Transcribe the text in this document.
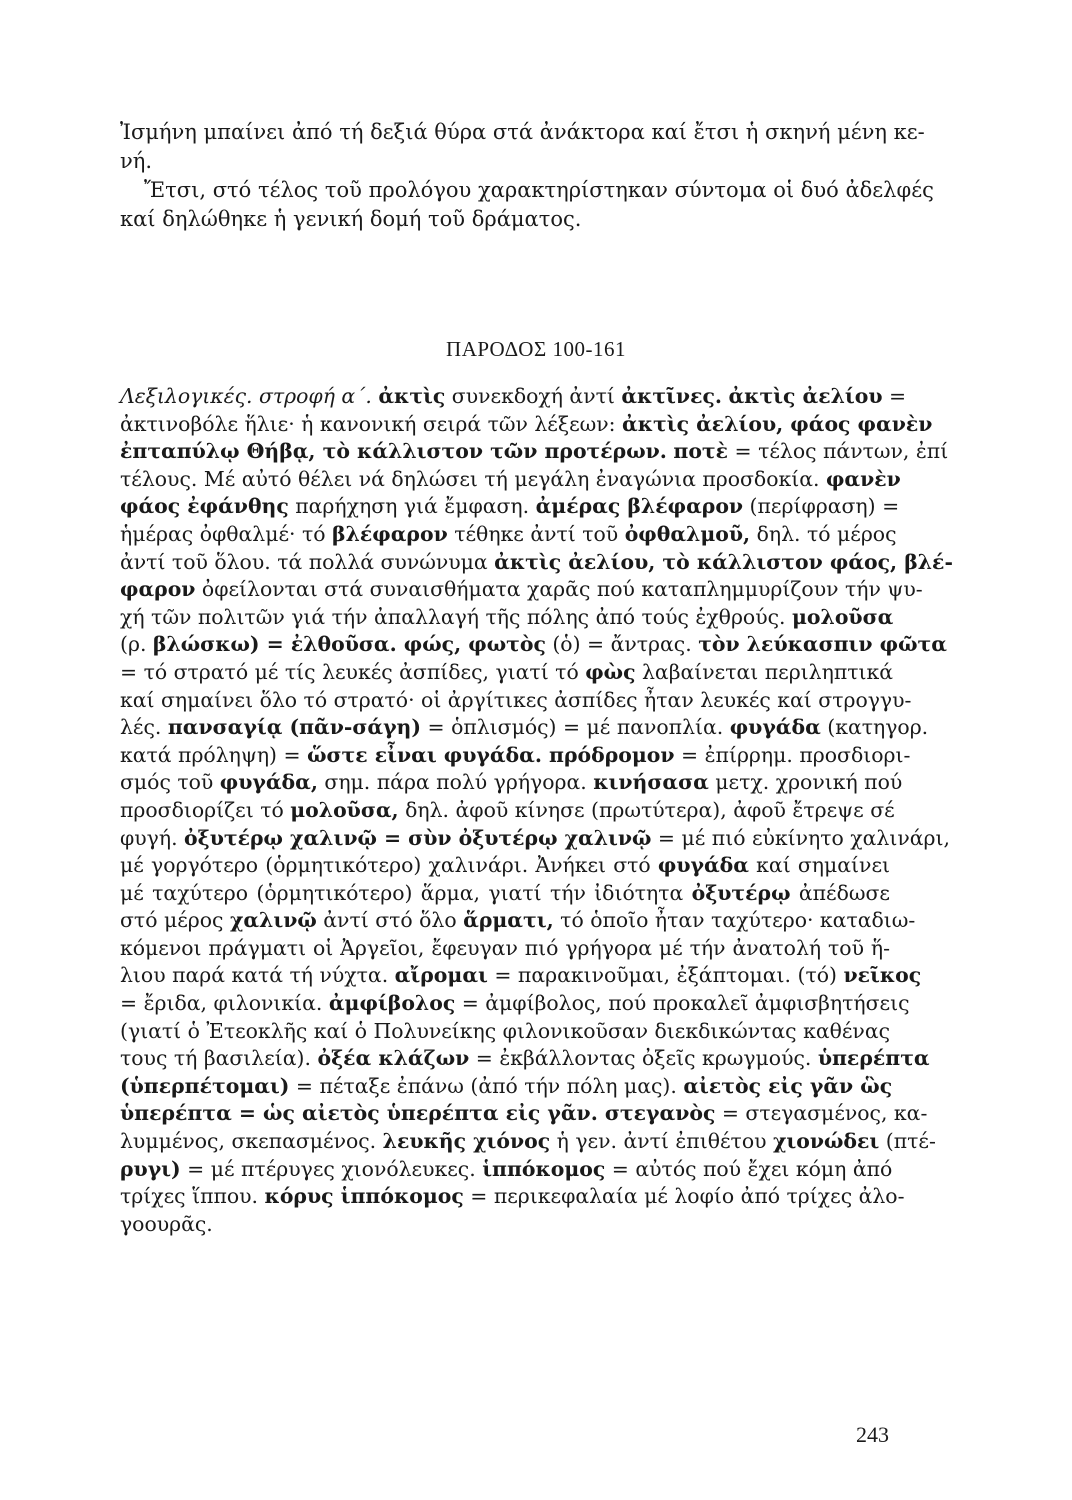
Ἰσμήνη μπαίνει ἀπό τή δεξιά θύρα στά ἀνάκτορα καί ἔτσι ἡ σκηνή μένη κε-
νή.
Ἔτσι, στό τέλος τοῦ προλόγου χαρακτηρίστηκαν σύντομα οἱ δυό ἀδελφές
καί δηλώθηκε ἡ γενική δομή τοῦ δράματος.
ΠΑΡΟΔΟΣ 100-161
Λεξιλογικές. στροφή α΄. ἀκτὶς συνεκδοχή ἀντί ἀκτῖνες. ἀκτὶς ἀελίου =
ἀκτινοβόλε ἥλιε· ἡ κανονική σειρά τῶν λέξεων: ἀκτὶς ἀελίου, φάος φανὲν
ἐπταπύλῳ Θήβᾳ, τὸ κάλλιστον τῶν προτέρων. ποτὲ = τέλος πάντων, ἐπί
τέλους. Μέ αὐτό θέλει νά δηλώσει τή μεγάλη ἐναγώνια προσδοκία. φανὲν
φάος ἐφάνθης παρήχηση γιά ἔμφαση. ἀμέρας βλέφαρον (περίφραση) =
ἡμέρας ὀφθαλμέ· τό βλέφαρον τέθηκε ἀντί τοῦ ὀφθαλμοῦ, δηλ. τό μέρος
ἀντί τοῦ ὅλου. τά πολλά συνώνυμα ἀκτὶς ἀελίου, τὸ κάλλιστον φάος, βλέ-
φαρον ὀφείλονται στά συναισθήματα χαρᾶς πού καταπλημμυρίζουν τήν ψυ-
χή τῶν πολιτῶν γιά τήν ἀπαλλαγή τῆς πόλης ἀπό τούς ἐχθρούς. μολοῦσα
(ρ. βλώσκω) = ἐλθοῦσα. φώς, φωτὸς (ὁ) = ἄντρας. τὸν λεύκασπιν φῶτα
= τό στρατό μέ τίς λευκές ἀσπίδες, γιατί τό φὼς λαβαίνεται περιληπτικά
καί σημαίνει ὅλο τό στρατό· οἱ ἀργίτικες ἀσπίδες ἦταν λευκές καί στρογγυ-
λές. πανσαγίᾳ (πᾶν-σάγη) = ὁπλισμός) = μέ πανοπλία. φυγάδα (κατηγορ.
κατά πρόληψη) = ὥστε εἶναι φυγάδα. πρόδρομον = ἐπίρρημ. προσδιορι-
σμός τοῦ φυγάδα, σημ. πάρα πολύ γρήγορα. κινήσασα μετχ. χρονική πού
προσδιορίζει τό μολοῦσα, δηλ. ἀφοῦ κίνησε (πρωτύτερα), ἀφοῦ ἔτρεψε σέ
φυγή. ὀξυτέρῳ χαλινῷ = σὺν ὀξυτέρῳ χαλινῷ = μέ πιό εὐκίνητο χαλινάρι,
μέ γοργότερο (ὁρμητικότερο) χαλινάρι. Ἀνήκει στό φυγάδα καί σημαίνει
μέ ταχύτερο (ὁρμητικότερο) ἅρμα, γιατί τήν ἰδιότητα ὀξυτέρῳ ἀπέδωσε
στό μέρος χαλινῷ ἀντί στό ὅλο ἅρματι, τό ὁποῖο ἦταν ταχύτερο· καταδιω-
κόμενοι πράγματι οἱ Ἀργεῖοι, ἔφευγαν πιό γρήγορα μέ τήν ἀνατολή τοῦ ἥ-
λιου παρά κατά τή νύχτα. αἴρομαι = παρακινοῦμαι, ἐξάπτομαι. (τό) νεῖκος
= ἔριδα, φιλονικία. ἀμφίβολος = ἀμφίβολος, πού προκαλεῖ ἀμφισβητήσεις
(γιατί ὁ Ἐτεοκλῆς καί ὁ Πολυνείκης φιλονικοῦσαν διεκδικώντας καθένας
τους τή βασιλεία). ὀξέα κλάζων = ἐκβάλλοντας ὀξεῖς κρωγμούς. ὑπερέπτα
(ὑπερπέτομαι) = πέταξε ἐπάνω (ἀπό τήν πόλη μας). αἰετὸς εἰς γᾶν ὣς
ὑπερέπτα = ὡς αἰετὸς ὑπερέπτα εἰς γᾶν. στεγανὸς = στεγασμένος, κα-
λυμμένος, σκεπασμένος. λευκῆς χιόνος ἡ γεν. ἀντί ἐπιθέτου χιονώδει (πτέ-
ρυγι) = μέ πτέρυγες χιονόλευκες. ἱππόκομος = αὐτός πού ἔχει κόμη ἀπό
τρίχες ἵππου. κόρυς ἱππόκομος = περικεφαλαία μέ λοφίο ἀπό τρίχες ἀλο-
γοουρᾶς.

243
